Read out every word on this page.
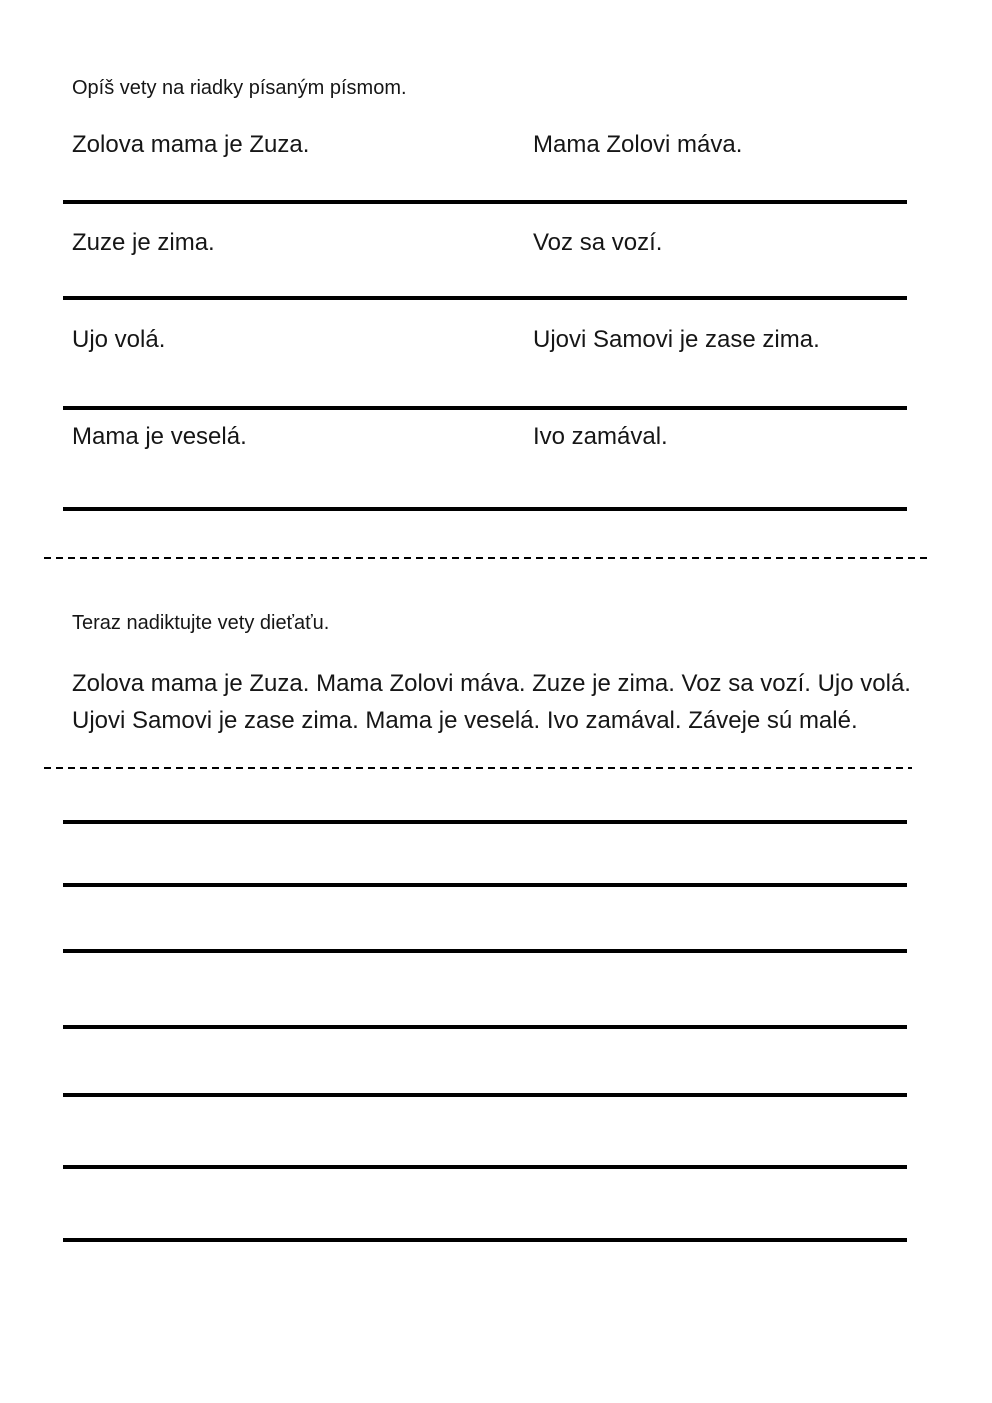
Opíš vety na riadky písaným písmom.
Zolova mama je Zuza.	Mama Zolovi máva.
Zuze je zima.	Voz sa vozí.
Ujo volá.	Ujovi Samovi je zase zima.
Mama je veselá.	Ivo zamával.
Teraz nadiktujte vety dieťaťu.
Zolova mama je Zuza. Mama Zolovi máva. Zuze je zima. Voz sa vozí. Ujo volá.
Ujovi Samovi je zase zima. Mama je veselá. Ivo zamával. Záveje sú malé.
